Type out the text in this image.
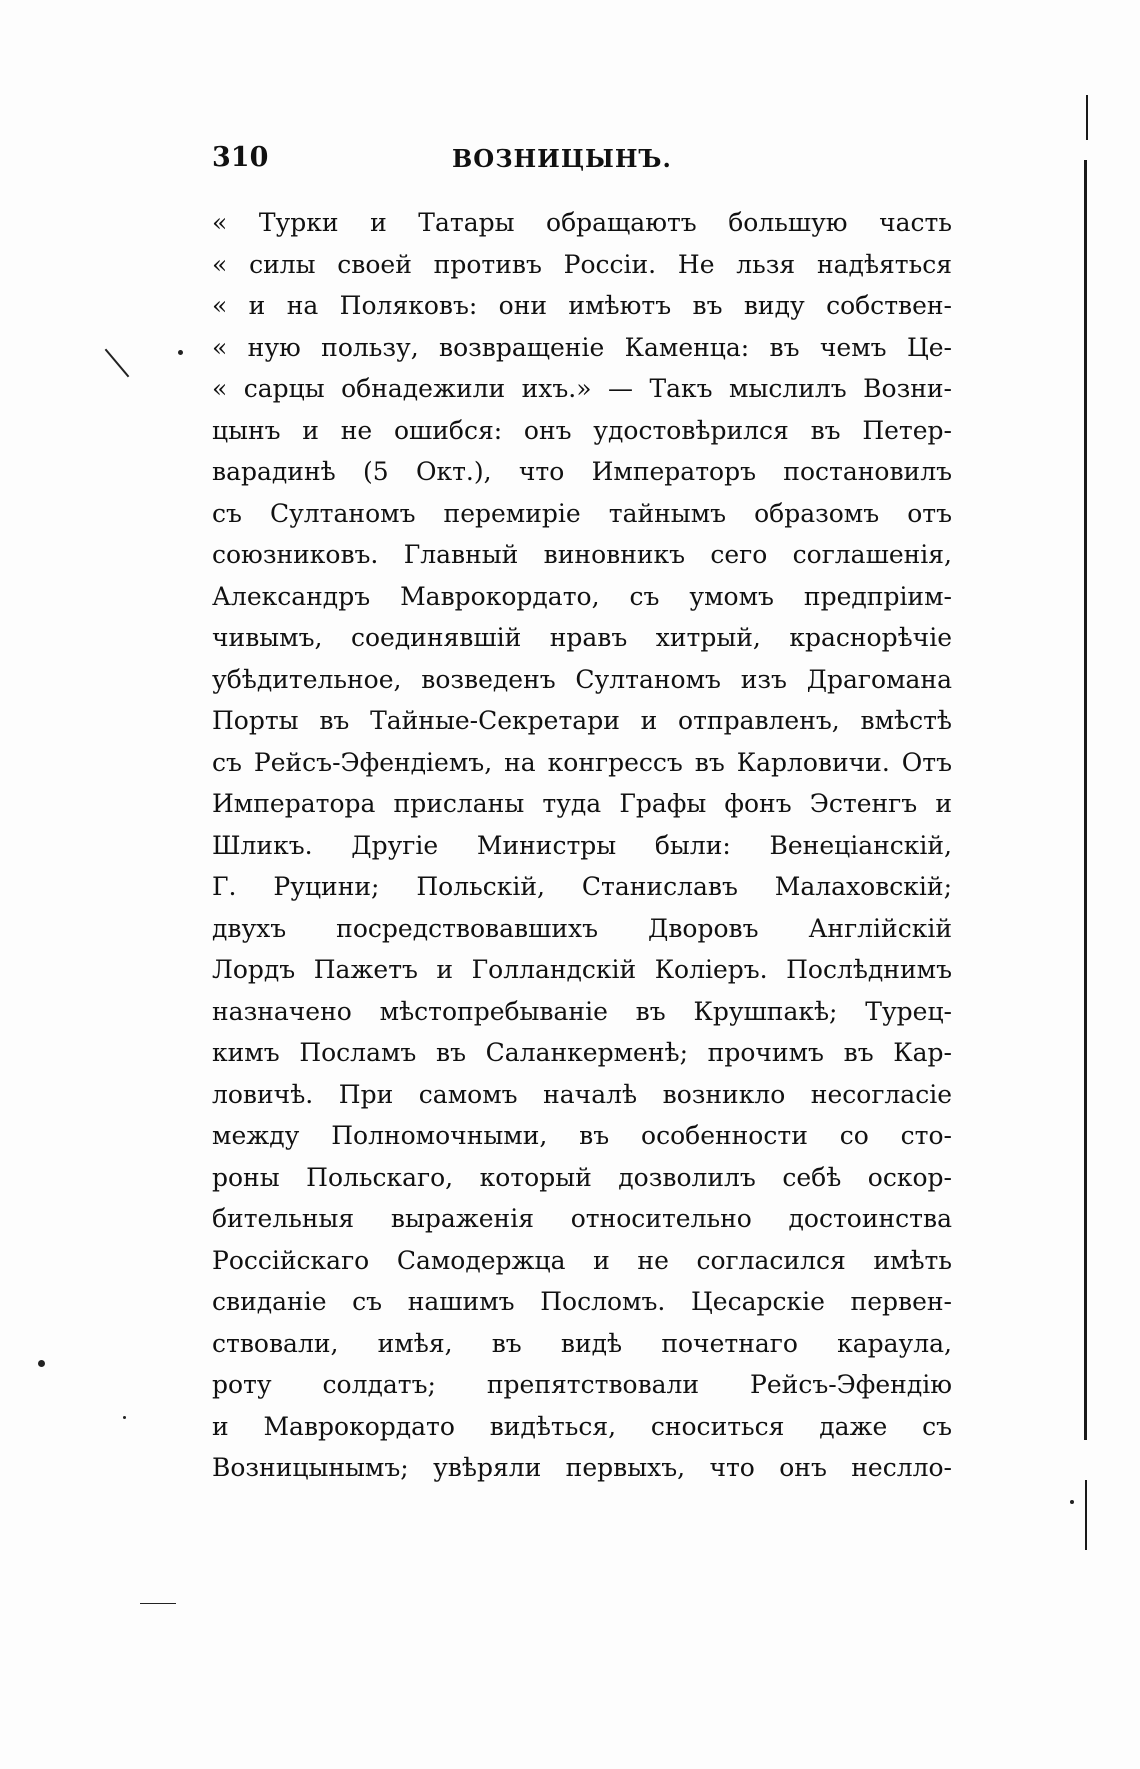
310	ВОЗНИЦЫНЪ.
« Турки и Татары обращаютъ большую часть
« силы своей противъ Россіи. Не льзя надѣяться
« и на Поляковъ: они имѣютъ въ виду собствен-
« ную пользу, возвращеніе Каменца: въ чемъ Це-
« сарцы обнадежили ихъ.» — Такъ мыслилъ Возни-
цынъ и не ошибся: онъ удостовѣрился въ Петер-
варадинѣ (5 Окт.), что Императоръ постановилъ
съ Султаномъ перемиріе тайнымъ образомъ отъ
союзниковъ. Главный виновникъ сего соглашенія,
Александръ Маврокордато, съ умомъ предпріим-
чивымъ, соединявшій нравъ хитрый, краснорѣчіе
убѣдительное, возведенъ Султаномъ изъ Драгомана
Порты въ Тайные-Секретари и отправленъ, вмѣстѣ
съ Рейсъ-Эфендіемъ, на конгрессъ въ Карловичи. Отъ
Императора присланы туда Графы фонъ Эстенгъ и
Шликъ. Другіе Министры были: Венеціанскій,
Г. Руцини; Польскій, Станиславъ Малаховскій;
двухъ посредствовавшихъ Дворовъ Англійскій
Лордъ Пажетъ и Голландскій Коліеръ. Послѣднимъ
назначено мѣстопребываніе въ Крушпакѣ; Турец-
кимъ Посламъ въ Саланкерменѣ; прочимъ въ Кар-
ловичѣ. При самомъ началѣ возникло несогласіе
между Полномочными, въ особенности со сто-
роны Польскаго, который дозволилъ себѣ оскор-
бительныя выраженія относительно достоинства
Россійскаго Самодержца и не согласился имѣть
свиданіе съ нашимъ Посломъ. Цесарскіе первен-
ствовали, имѣя, въ видѣ почетнаго караула,
роту солдатъ; препятствовали Рейсъ-Эфендію
и Маврокордато видѣться, сноситься даже съ
Возницынымъ; увѣряли первыхъ, что онъ неслло-
